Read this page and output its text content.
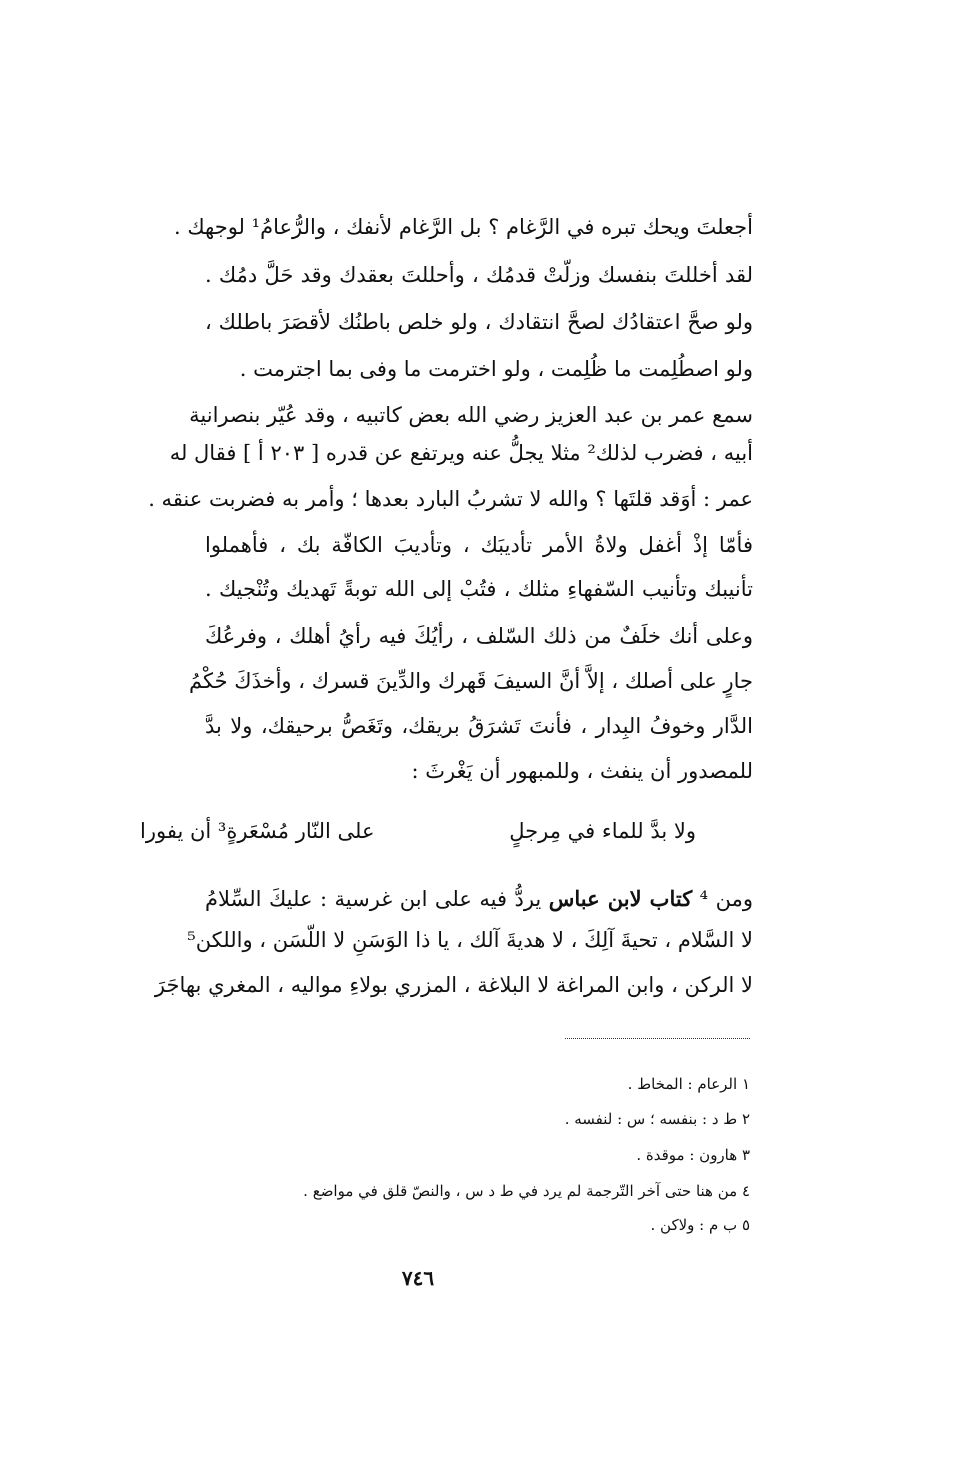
أجعلتَ ويحك تبره في الرَّغام ؟ بل الرَّغام لأنفك ، والرُّعامُ¹ لوجهك .
لقد أخللتَ بنفسك وزلّتْ قدمُك ، وأحللتَ بعقدك وقد حَلَّ دمُك .
ولو صحَّ اعتقادُك لصحَّ انتقادك ، ولو خلص باطنُك لأقصَرَ باطلك ،
ولو اصطُلِمت ما ظُلِمت ، ولو اخترمت ما وفى بما اجترمت .
سمع عمر بن عبد العزيز رضي الله بعض كاتبيه ، وقد عُيّر بنصرانية
أبيه ، فضرب لذلك² مثلا يجلُّ عنه ويرتفع عن قدره [ ٢٠٣ أ ] فقال له
عمر : أوَقد قلتَها ؟ والله لا تشربُ البارد بعدها ؛ وأمر به فضربت عنقه .
فأمّا إذْ أغفل ولاةُ الأمر تأديبَك ، وتأديبَ الكافّة بك ، فأهملوا
تأنيبك وتأنيب السّفهاءِ مثلك ، فتُبْ إلى الله توبةً تَهديك وتُنْجيك .
وعلى أنك خلَفٌ من ذلك السّلف ، رأيُكَ فيه رأيُ أهلك ، وفرعُكَ
جارٍ على أصلك ، إلاَّ أنَّ السيفَ قَهرك والدِّينَ قسرك ، وأخذَكَ حُكْمُ
الدَّار وخوفُ البِدار ، فأنتَ تَشرَقُ بريقك، وتَغَصُّ برحيقك، ولا بدَّ
للمصدور أن ينفث ، وللمبهور أن يَغْرثَ :
ولا بدَّ للماء في مِرجلٍ
على النّار مُسْعَرةٍ³ أن يفورا
ومن ⁴ كتاب لابن عباس يردُّ فيه على ابن غرسية : عليكَ السِّلامُ
لا السَّلام ، تحيةَ آلِكَ ، لا هديةَ آلك ، يا ذا الوَسَنِ لا اللّسَن ، واللكن⁵
لا الركن ، وابن المراغة لا البلاغة ، المزري بولاءِ مواليه ، المغري بهاجَرَ
١ الرعام : المخاط .
٢ ط د : بنفسه ؛ س : لنفسه .
٣ هارون : موقدة .
٤ من هنا حتى آخر التّرجمة لم يرد في ط د س ، والنصّ قلق في مواضع .
٥ ب م : ولاكن .
٧٤٦
